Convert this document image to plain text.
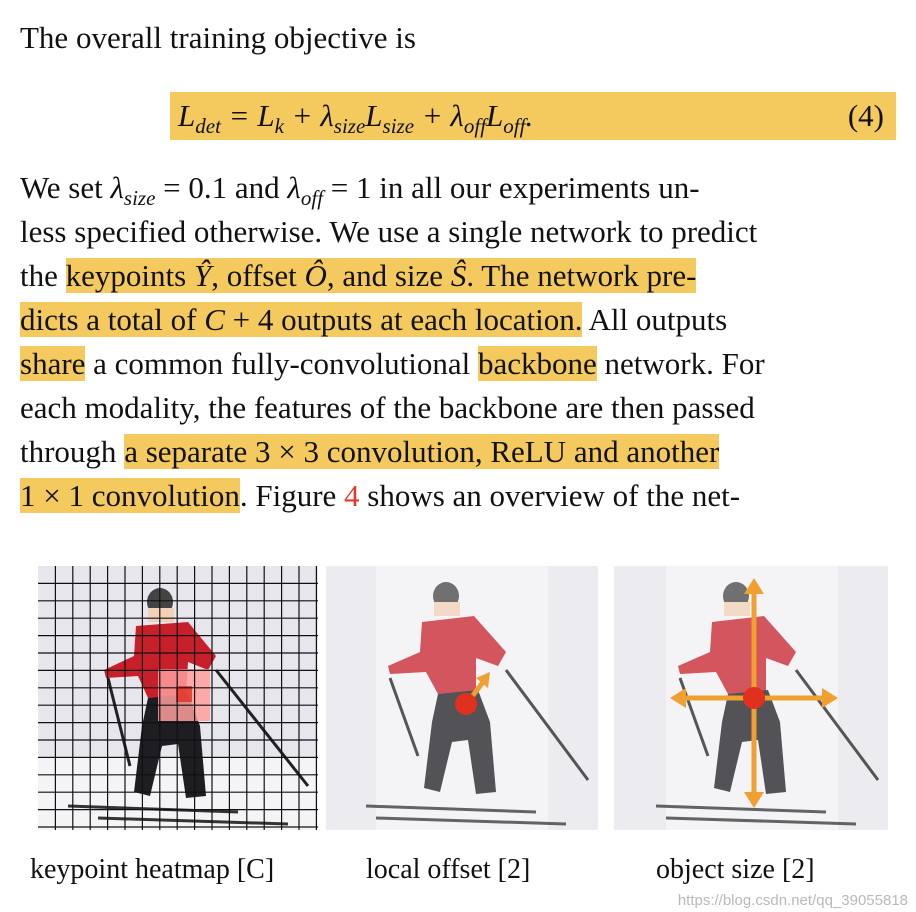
The overall training objective is
$L_{det} = L_k + \lambda_{size}L_{size} + \lambda_{off}L_{off}$.	(4)
We set $\lambda_{size} = 0.1$ and $\lambda_{off} = 1$ in all our experiments un-
less specified otherwise. We use a single network to predict
the keypoints Ŷ, offset Ô, and size Ŝ. The network pre-
dicts a total of C + 4 outputs at each location. All outputs
share a common fully-convolutional backbone network. For
each modality, the features of the backbone are then passed
through a separate 3 × 3 convolution, ReLU and another
1 × 1 convolution. Figure 4 shows an overview of the net-
keypoint heatmap [C]	local offset [2]	object size [2]
https://blog.csdn.net/qq_39055818
